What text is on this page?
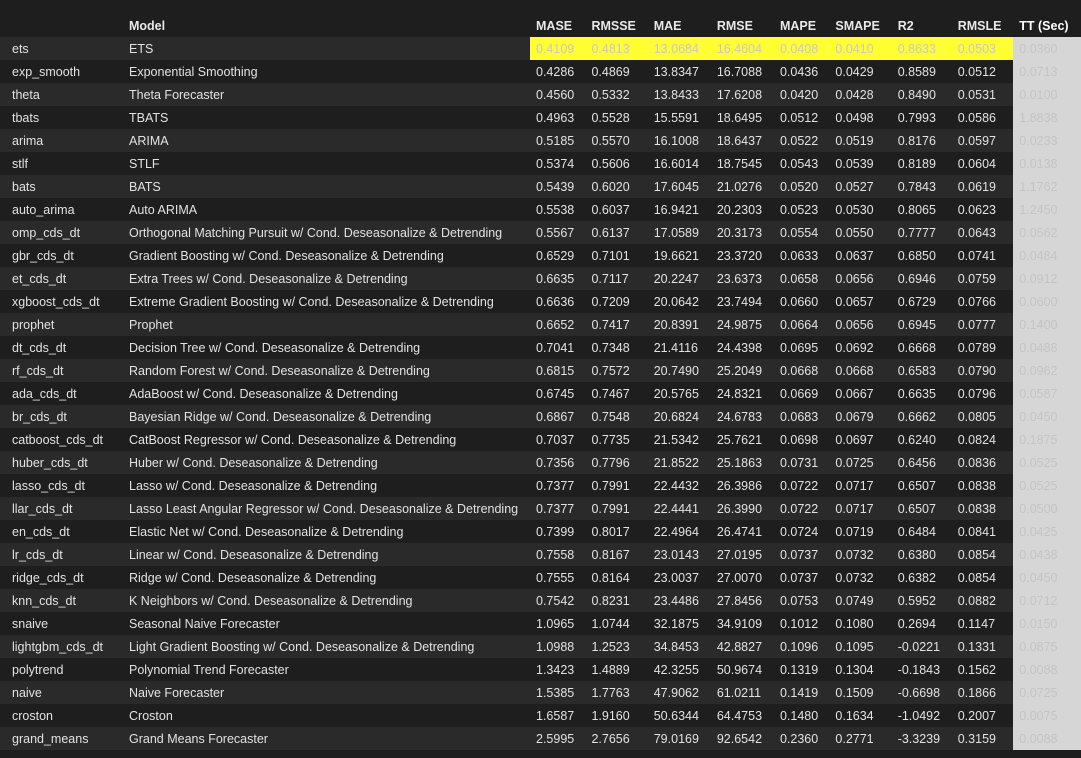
	Model	MASE	RMSSE	MAE	RMSE	MAPE	SMAPE	R2	RMSLE	TT (Sec)
ets	ETS	0.4109	0.4813	13.0684	16.4604	0.0408	0.0410	0.8633	0.0503	0.0360
exp_smooth	Exponential Smoothing	0.4286	0.4869	13.8347	16.7088	0.0436	0.0429	0.8589	0.0512	0.0713
theta	Theta Forecaster	0.4560	0.5332	13.8433	17.6208	0.0420	0.0428	0.8490	0.0531	0.0100
tbats	TBATS	0.4963	0.5528	15.5591	18.6495	0.0512	0.0498	0.7993	0.0586	1.8838
arima	ARIMA	0.5185	0.5570	16.1008	18.6437	0.0522	0.0519	0.8176	0.0597	0.0233
stlf	STLF	0.5374	0.5606	16.6014	18.7545	0.0543	0.0539	0.8189	0.0604	0.0138
bats	BATS	0.5439	0.6020	17.6045	21.0276	0.0520	0.0527	0.7843	0.0619	1.1762
auto_arima	Auto ARIMA	0.5538	0.6037	16.9421	20.2303	0.0523	0.0530	0.8065	0.0623	1.2450
omp_cds_dt	Orthogonal Matching Pursuit w/ Cond. Deseasonalize & Detrending	0.5567	0.6137	17.0589	20.3173	0.0554	0.0550	0.7777	0.0643	0.0562
gbr_cds_dt	Gradient Boosting w/ Cond. Deseasonalize & Detrending	0.6529	0.7101	19.6621	23.3720	0.0633	0.0637	0.6850	0.0741	0.0484
et_cds_dt	Extra Trees w/ Cond. Deseasonalize & Detrending	0.6635	0.7117	20.2247	23.6373	0.0658	0.0656	0.6946	0.0759	0.0912
xgboost_cds_dt	Extreme Gradient Boosting w/ Cond. Deseasonalize & Detrending	0.6636	0.7209	20.0642	23.7494	0.0660	0.0657	0.6729	0.0766	0.0600
prophet	Prophet	0.6652	0.7417	20.8391	24.9875	0.0664	0.0656	0.6945	0.0777	0.1400
dt_cds_dt	Decision Tree w/ Cond. Deseasonalize & Detrending	0.7041	0.7348	21.4116	24.4398	0.0695	0.0692	0.6668	0.0789	0.0488
rf_cds_dt	Random Forest w/ Cond. Deseasonalize & Detrending	0.6815	0.7572	20.7490	25.2049	0.0668	0.0668	0.6583	0.0790	0.0962
ada_cds_dt	AdaBoost w/ Cond. Deseasonalize & Detrending	0.6745	0.7467	20.5765	24.8321	0.0669	0.0667	0.6635	0.0796	0.0587
br_cds_dt	Bayesian Ridge w/ Cond. Deseasonalize & Detrending	0.6867	0.7548	20.6824	24.6783	0.0683	0.0679	0.6662	0.0805	0.0450
catboost_cds_dt	CatBoost Regressor w/ Cond. Deseasonalize & Detrending	0.7037	0.7735	21.5342	25.7621	0.0698	0.0697	0.6240	0.0824	0.1875
huber_cds_dt	Huber w/ Cond. Deseasonalize & Detrending	0.7356	0.7796	21.8522	25.1863	0.0731	0.0725	0.6456	0.0836	0.0525
lasso_cds_dt	Lasso w/ Cond. Deseasonalize & Detrending	0.7377	0.7991	22.4432	26.3986	0.0722	0.0717	0.6507	0.0838	0.0525
llar_cds_dt	Lasso Least Angular Regressor w/ Cond. Deseasonalize & Detrending	0.7377	0.7991	22.4441	26.3990	0.0722	0.0717	0.6507	0.0838	0.0500
en_cds_dt	Elastic Net w/ Cond. Deseasonalize & Detrending	0.7399	0.8017	22.4964	26.4741	0.0724	0.0719	0.6484	0.0841	0.0425
lr_cds_dt	Linear w/ Cond. Deseasonalize & Detrending	0.7558	0.8167	23.0143	27.0195	0.0737	0.0732	0.6380	0.0854	0.0438
ridge_cds_dt	Ridge w/ Cond. Deseasonalize & Detrending	0.7555	0.8164	23.0037	27.0070	0.0737	0.0732	0.6382	0.0854	0.0450
knn_cds_dt	K Neighbors w/ Cond. Deseasonalize & Detrending	0.7542	0.8231	23.4486	27.8456	0.0753	0.0749	0.5952	0.0882	0.0712
snaive	Seasonal Naive Forecaster	1.0965	1.0744	32.1875	34.9109	0.1012	0.1080	0.2694	0.1147	0.0150
lightgbm_cds_dt	Light Gradient Boosting w/ Cond. Deseasonalize & Detrending	1.0988	1.2523	34.8453	42.8827	0.1096	0.1095	-0.0221	0.1331	0.0875
polytrend	Polynomial Trend Forecaster	1.3423	1.4889	42.3255	50.9674	0.1319	0.1304	-0.1843	0.1562	0.0088
naive	Naive Forecaster	1.5385	1.7763	47.9062	61.0211	0.1419	0.1509	-0.6698	0.1866	0.0725
croston	Croston	1.6587	1.9160	50.6344	64.4753	0.1480	0.1634	-1.0492	0.2007	0.0075
grand_means	Grand Means Forecaster	2.5995	2.7656	79.0169	92.6542	0.2360	0.2771	-3.3239	0.3159	0.0088
